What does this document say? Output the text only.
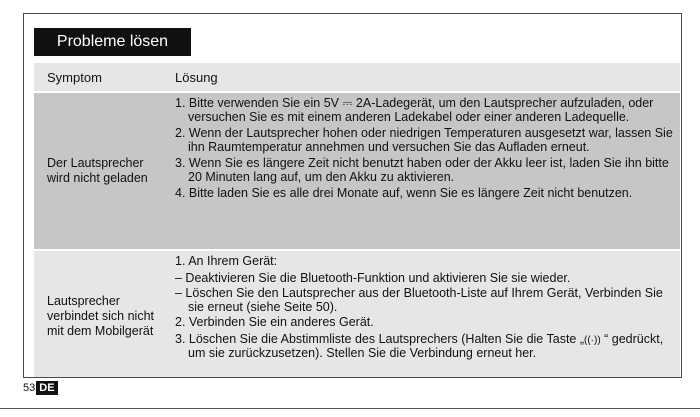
Probleme lösen
Symptom	Lösung
Der Lautsprecher wird nicht geladen
1. Bitte verwenden Sie ein 5V ⎓ 2A-Ladegerät, um den Lautsprecher aufzuladen, oder versuchen Sie es mit einem anderen Ladekabel oder einer anderen Ladequelle.
2. Wenn der Lautsprecher hohen oder niedrigen Temperaturen ausgesetzt war, lassen Sie ihn Raumtemperatur annehmen und versuchen Sie das Aufladen erneut.
3. Wenn Sie es längere Zeit nicht benutzt haben oder der Akku leer ist, laden Sie ihn bitte 20 Minuten lang auf, um den Akku zu aktivieren.
4. Bitte laden Sie es alle drei Monate auf, wenn Sie es längere Zeit nicht benutzen.
Lautsprecher verbindet sich nicht mit dem Mobilgerät
1. An Ihrem Gerät:
– Deaktivieren Sie die Bluetooth-Funktion und aktivieren Sie sie wieder.
– Löschen Sie den Lautsprecher aus der Bluetooth-Liste auf Ihrem Gerät, Verbinden Sie sie erneut (siehe Seite 50).
2. Verbinden Sie ein anderes Gerät.
3. Löschen Sie die Abstimmliste des Lautsprechers (Halten Sie die Taste „((·)) “ gedrückt, um sie zurückzusetzen). Stellen Sie die Verbindung erneut her.
53 DE
